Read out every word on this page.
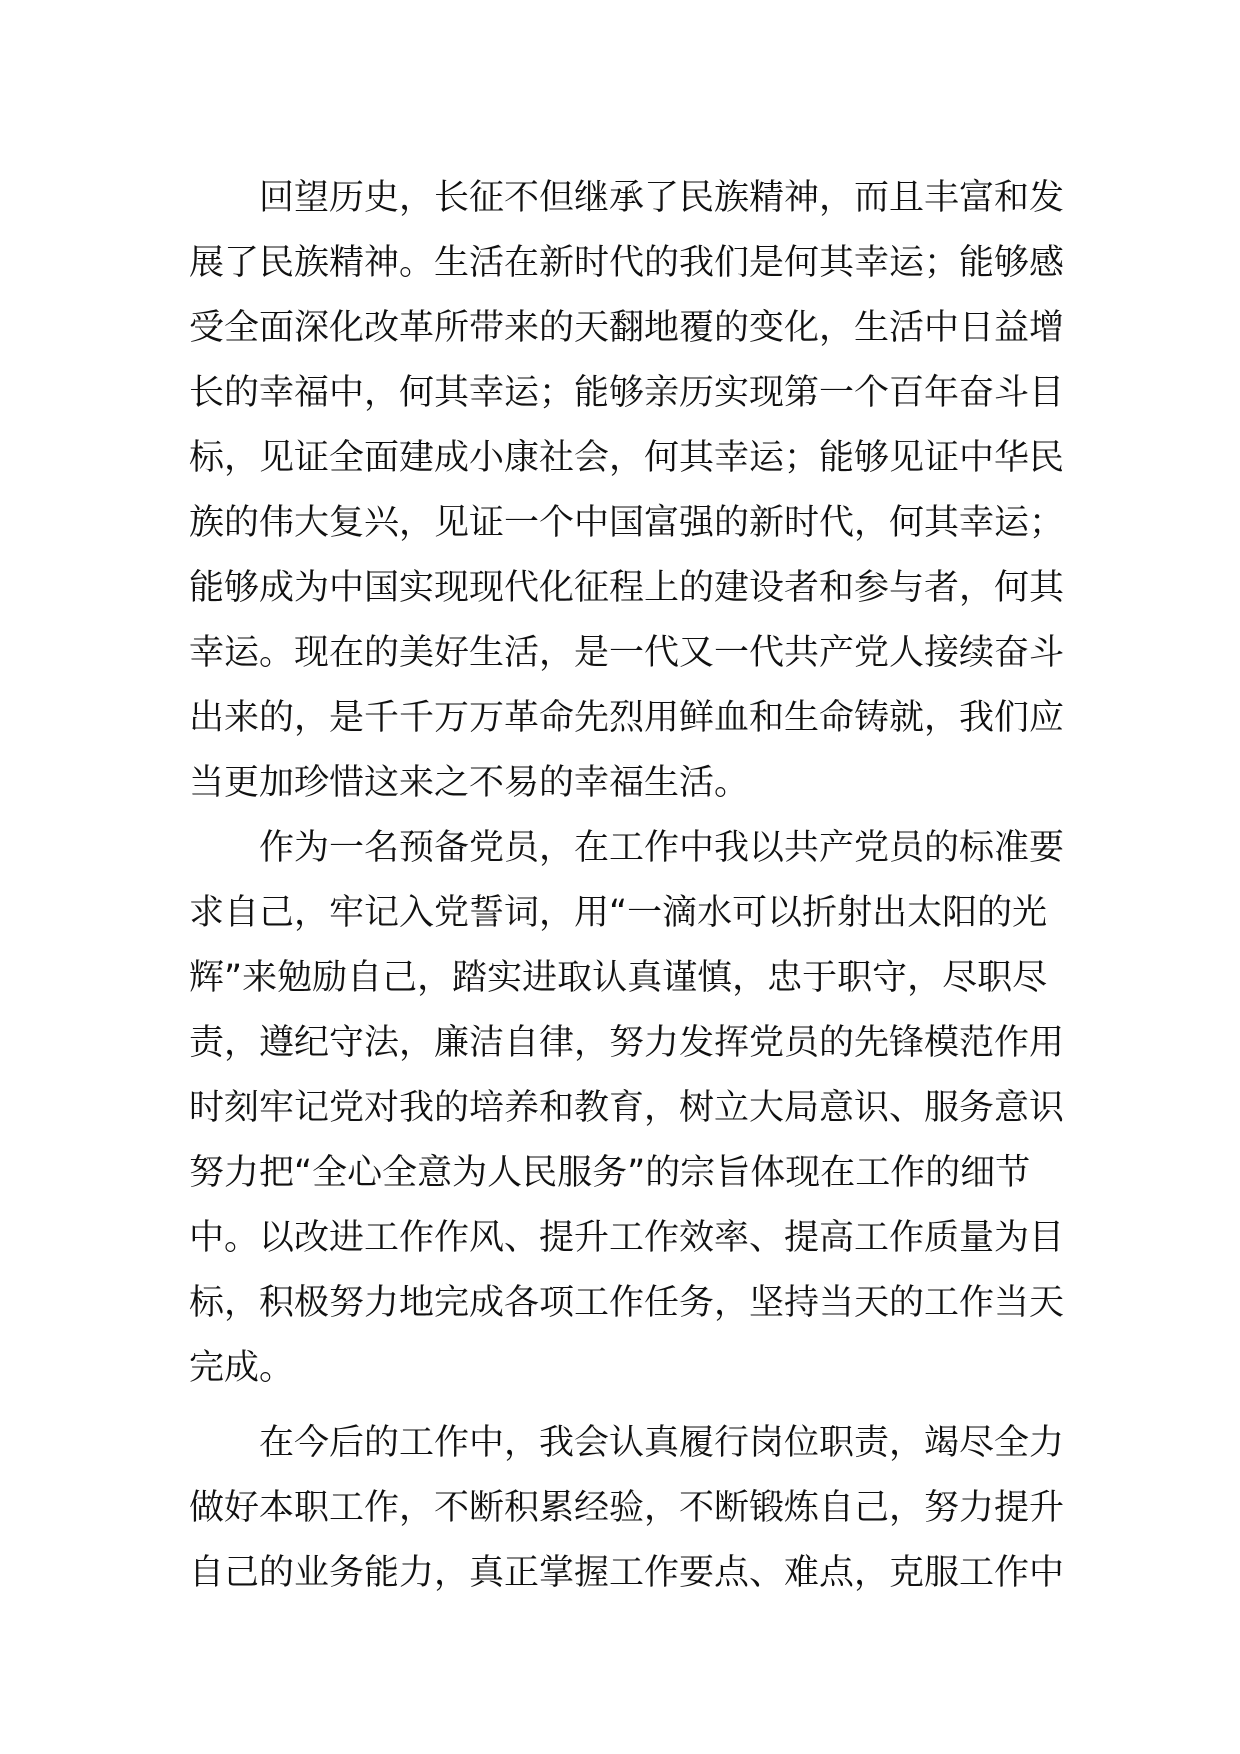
　　回望历史，长征不但继承了民族精神，而且丰富和发
展了民族精神。生活在新时代的我们是何其幸运；能够感
受全面深化改革所带来的天翻地覆的变化，生活中日益增
长的幸福中，何其幸运；能够亲历实现第一个百年奋斗目
标，见证全面建成小康社会，何其幸运；能够见证中华民
族的伟大复兴，见证一个中国富强的新时代，何其幸运；
能够成为中国实现现代化征程上的建设者和参与者，何其
幸运。现在的美好生活，是一代又一代共产党人接续奋斗
出来的，是千千万万革命先烈用鲜血和生命铸就，我们应
当更加珍惜这来之不易的幸福生活。
　　作为一名预备党员，在工作中我以共产党员的标准要
求自己，牢记入党誓词，用“一滴水可以折射出太阳的光
辉”来勉励自己，踏实进取认真谨慎，忠于职守，尽职尽
责，遵纪守法，廉洁自律，努力发挥党员的先锋模范作用
时刻牢记党对我的培养和教育，树立大局意识、服务意识
努力把“全心全意为人民服务”的宗旨体现在工作的细节
中。以改进工作作风、提升工作效率、提高工作质量为目
标，积极努力地完成各项工作任务，坚持当天的工作当天
完成。
　　在今后的工作中，我会认真履行岗位职责，竭尽全力
做好本职工作，不断积累经验，不断锻炼自己，努力提升
自己的业务能力，真正掌握工作要点、难点，克服工作中
